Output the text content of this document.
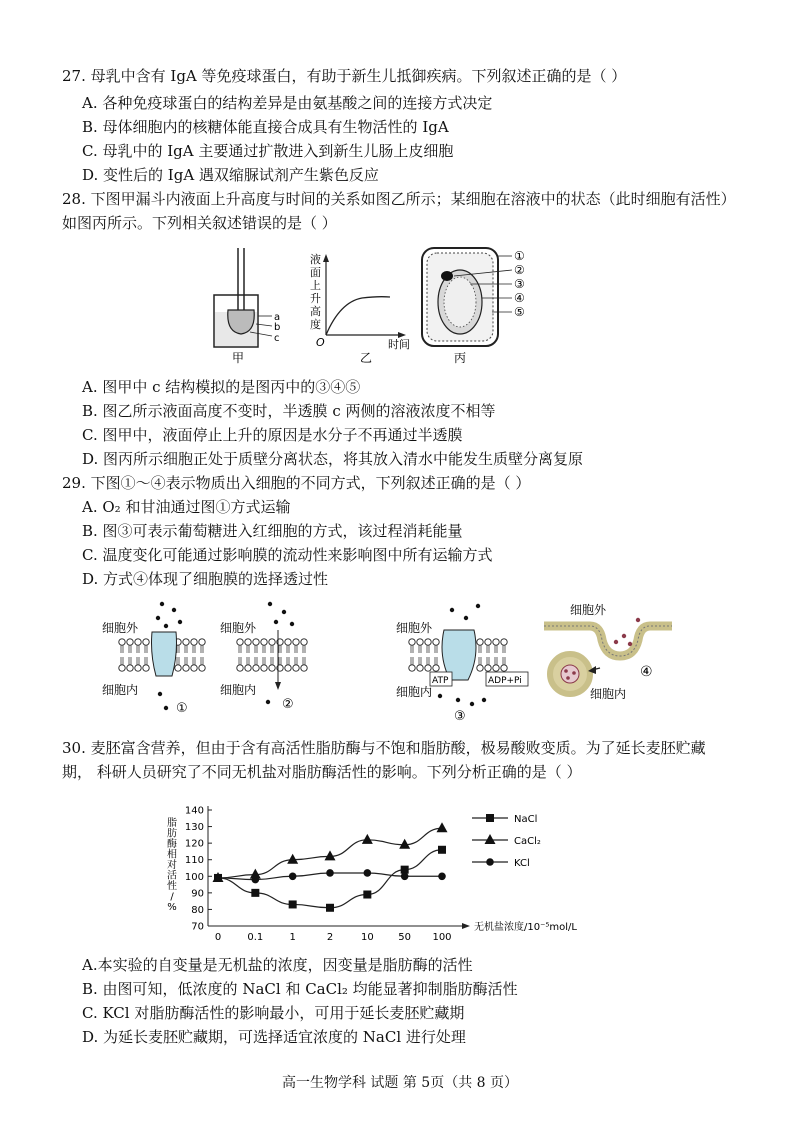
27. 母乳中含有 IgA 等免疫球蛋白，有助于新生儿抵御疾病。下列叙述正确的是（ ）
A. 各种免疫球蛋白的结构差异是由氨基酸之间的连接方式决定
B. 母体细胞内的核糖体能直接合成具有生物活性的 IgA
C. 母乳中的 IgA 主要通过扩散进入到新生儿肠上皮细胞
D. 变性后的 IgA 遇双缩脲试剂产生紫色反应
28. 下图甲漏斗内液面上升高度与时间的关系如图乙所示；某细胞在溶液中的状态（此时细胞有活性）
如图丙所示。下列相关叙述错误的是（ ）
a
b
c
甲
液
面
上
升
高
度
O	时间
乙
①
②
③
④
⑤
丙
A. 图甲中 c 结构模拟的是图丙中的③④⑤
B. 图乙所示液面高度不变时，半透膜 c 两侧的溶液浓度不相等
C. 图甲中，液面停止上升的原因是水分子不再通过半透膜
D. 图丙所示细胞正处于质壁分离状态，将其放入清水中能发生质壁分离复原
29. 下图①～④表示物质出入细胞的不同方式，下列叙述正确的是（ ）
A. O₂ 和甘油通过图①方式运输
B. 图③可表示葡萄糖进入红细胞的方式，该过程消耗能量
C. 温度变化可能通过影响膜的流动性来影响图中所有运输方式
D. 方式④体现了细胞膜的选择透过性
细胞外
细胞内
①
细胞外
细胞内
②
ATP	ADP+Pi
细胞外
细胞内
③
细胞外
细胞内
④
30. 麦胚富含营养，但由于含有高活性脂肪酶与不饱和脂肪酸，极易酸败变质。为了延长麦胚贮藏
期， 科研人员研究了不同无机盐对脂肪酶活性的影响。下列分析正确的是（ ）
70
80
90
100
110
120
130
140
0	0.1	1	2	10 50 100
无机盐浓度/10⁻⁵mol/L
脂
肪
酶
相
对
活
性
/
%
NaCl
CaCl₂
KCl
A.本实验的自变量是无机盐的浓度，因变量是脂肪酶的活性
B. 由图可知，低浓度的 NaCl 和 CaCl₂ 均能显著抑制脂肪酶活性
C. KCl 对脂肪酶活性的影响最小，可用于延长麦胚贮藏期
D. 为延长麦胚贮藏期，可选择适宜浓度的 NaCl 进行处理
高一生物学科 试题 第 5页（共 8 页）
